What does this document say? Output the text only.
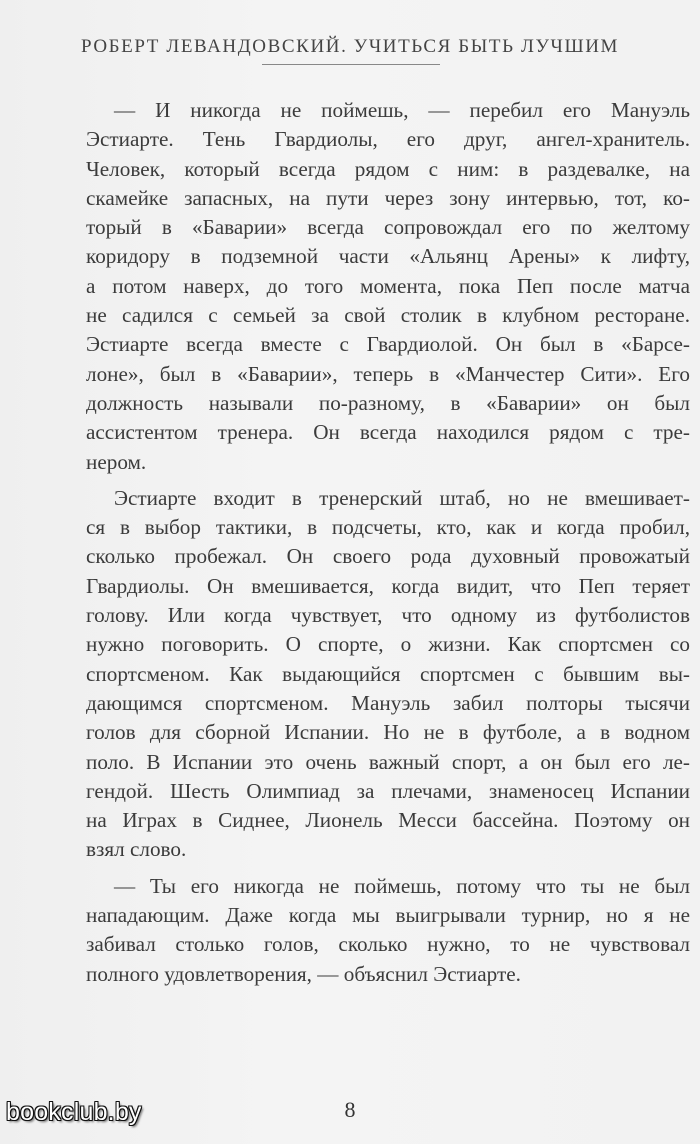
РОБЕРТ ЛЕВАНДОВСКИЙ. УЧИТЬСЯ БЫТЬ ЛУЧШИМ
— И никогда не поймешь, — перебил его Мануэль
Эстиарте. Тень Гвардиолы, его друг, ангел-хранитель.
Человек, который всегда рядом с ним: в раздевалке, на
скамейке запасных, на пути через зону интервью, тот, ко-
торый в «Баварии» всегда сопровождал его по желтому
коридору в подземной части «Альянц Арены» к лифту,
а потом наверх, до того момента, пока Пеп после матча
не садился с семьей за свой столик в клубном ресторане.
Эстиарте всегда вместе с Гвардиолой. Он был в «Барсе-
лоне», был в «Баварии», теперь в «Манчестер Сити». Его
должность называли по-разному, в «Баварии» он был
ассистентом тренера. Он всегда находился рядом с тре-
нером.
Эстиарте входит в тренерский штаб, но не вмешивает-
ся в выбор тактики, в подсчеты, кто, как и когда пробил,
сколько пробежал. Он своего рода духовный провожатый
Гвардиолы. Он вмешивается, когда видит, что Пеп теряет
голову. Или когда чувствует, что одному из футболистов
нужно поговорить. О спорте, о жизни. Как спортсмен со
спортсменом. Как выдающийся спортсмен с бывшим вы-
дающимся спортсменом. Мануэль забил полторы тысячи
голов для сборной Испании. Но не в футболе, а в водном
поло. В Испании это очень важный спорт, а он был его ле-
гендой. Шесть Олимпиад за плечами, знаменосец Испании
на Играх в Сиднее, Лионель Месси бассейна. Поэтому он
взял слово.
— Ты его никогда не поймешь, потому что ты не был
нападающим. Даже когда мы выигрывали турнир, но я не
забивал столько голов, сколько нужно, то не чувствовал
полного удовлетворения, — объяснил Эстиарте.
8
bookclub.by
